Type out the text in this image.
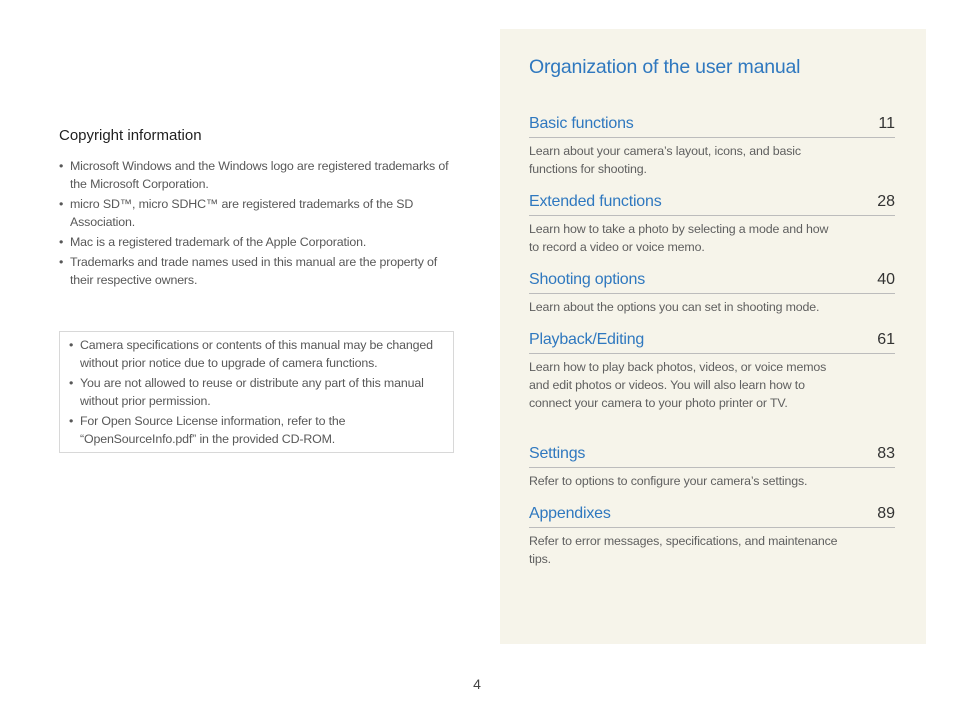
Copyright information
• Microsoft Windows and the Windows logo are registered trademarks of the Microsoft Corporation.
• micro SD™, micro SDHC™ are registered trademarks of the SD Association.
• Mac is a registered trademark of the Apple Corporation.
• Trademarks and trade names used in this manual are the property of their respective owners.
• Camera specifications or contents of this manual may be changed without prior notice due to upgrade of camera functions.
• You are not allowed to reuse or distribute any part of this manual without prior permission.
• For Open Source License information, refer to the “OpenSourceInfo.pdf” in the provided CD-ROM.
Organization of the user manual
Basic functions	11
Learn about your camera’s layout, icons, and basic functions for shooting.
Extended functions	28
Learn how to take a photo by selecting a mode and how to record a video or voice memo.
Shooting options	40
Learn about the options you can set in shooting mode.
Playback/Editing	61
Learn how to play back photos, videos, or voice memos and edit photos or videos. You will also learn how to connect your camera to your photo printer or TV.
Settings	83
Refer to options to configure your camera’s settings.
Appendixes	89
Refer to error messages, specifications, and maintenance tips.
4
